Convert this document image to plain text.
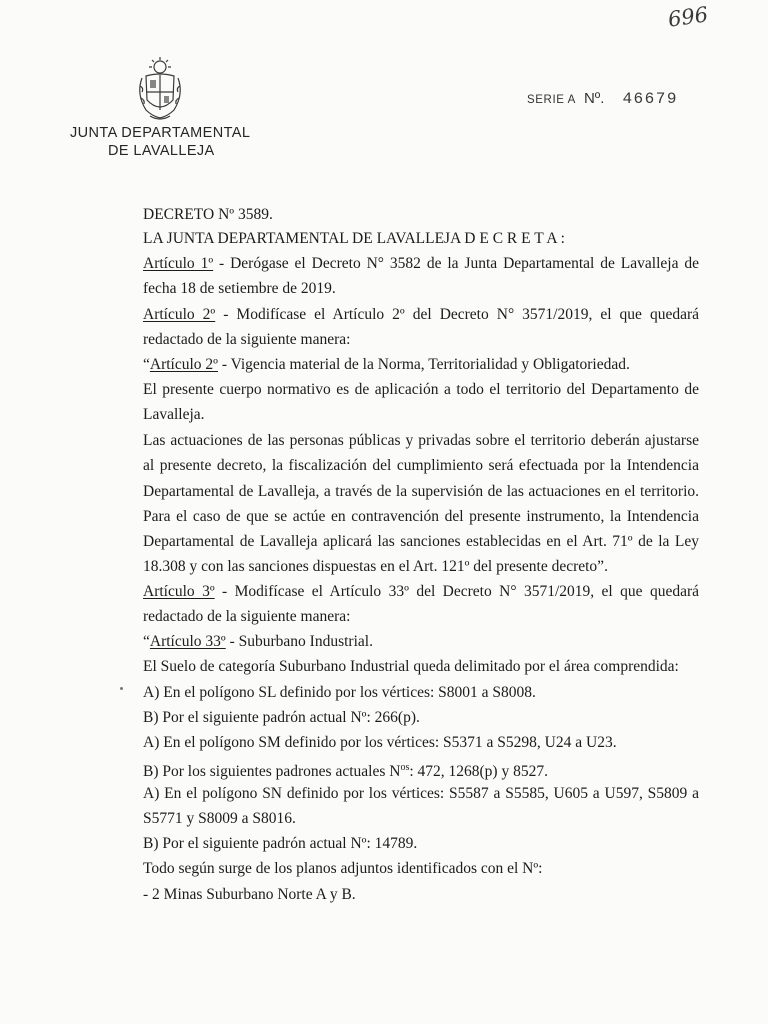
JUNTA DEPARTAMENTAL

DE LAVALLEJA

SERIE A Nº. 46679
696

DECRETO Nº 3589.

LA JUNTA DEPARTAMENTAL DE LAVALLEJA D E C R E T A :

Artículo 1º - Derógase el Decreto N° 3582 de la Junta Departamental de Lavalleja de

fecha 18 de setiembre de 2019.

Artículo 2º - Modifícase el Artículo 2º del Decreto N° 3571/2019, el que quedará

redactado de la siguiente manera:

“Artículo 2º - Vigencia material de la Norma, Territorialidad y Obligatoriedad.

El presente cuerpo normativo es de aplicación a todo el territorio del Departamento de

Lavalleja.

Las actuaciones de las personas públicas y privadas sobre el territorio deberán ajustarse

al presente decreto, la fiscalización del cumplimiento será efectuada por la Intendencia

Departamental de Lavalleja, a través de la supervisión de las actuaciones en el territorio.

Para el caso de que se actúe en contravención del presente instrumento, la Intendencia

Departamental de Lavalleja aplicará las sanciones establecidas en el Art. 71º de la Ley

18.308 y con las sanciones dispuestas en el Art. 121º del presente decreto”.

Artículo 3º - Modifícase el Artículo 33º del Decreto N° 3571/2019, el que quedará

redactado de la siguiente manera:

“Artículo 33º - Suburbano Industrial.

El Suelo de categoría Suburbano Industrial queda delimitado por el área comprendida:

A) En el polígono SL definido por los vértices: S8001 a S8008.

B) Por el siguiente padrón actual Nº: 266(p).

A) En el polígono SM definido por los vértices: S5371 a S5298, U24 a U23.

B) Por los siguientes padrones actuales $N^{os}$: 472, 1268(p) y 8527.

A) En el polígono SN definido por los vértices: S5587 a S5585, U605 a U597, S5809 a

S5771 y S8009 a S8016.

B) Por el siguiente padrón actual Nº: 14789.

Todo según surge de los planos adjuntos identificados con el Nº:

- 2 Minas Suburbano Norte A y B.
